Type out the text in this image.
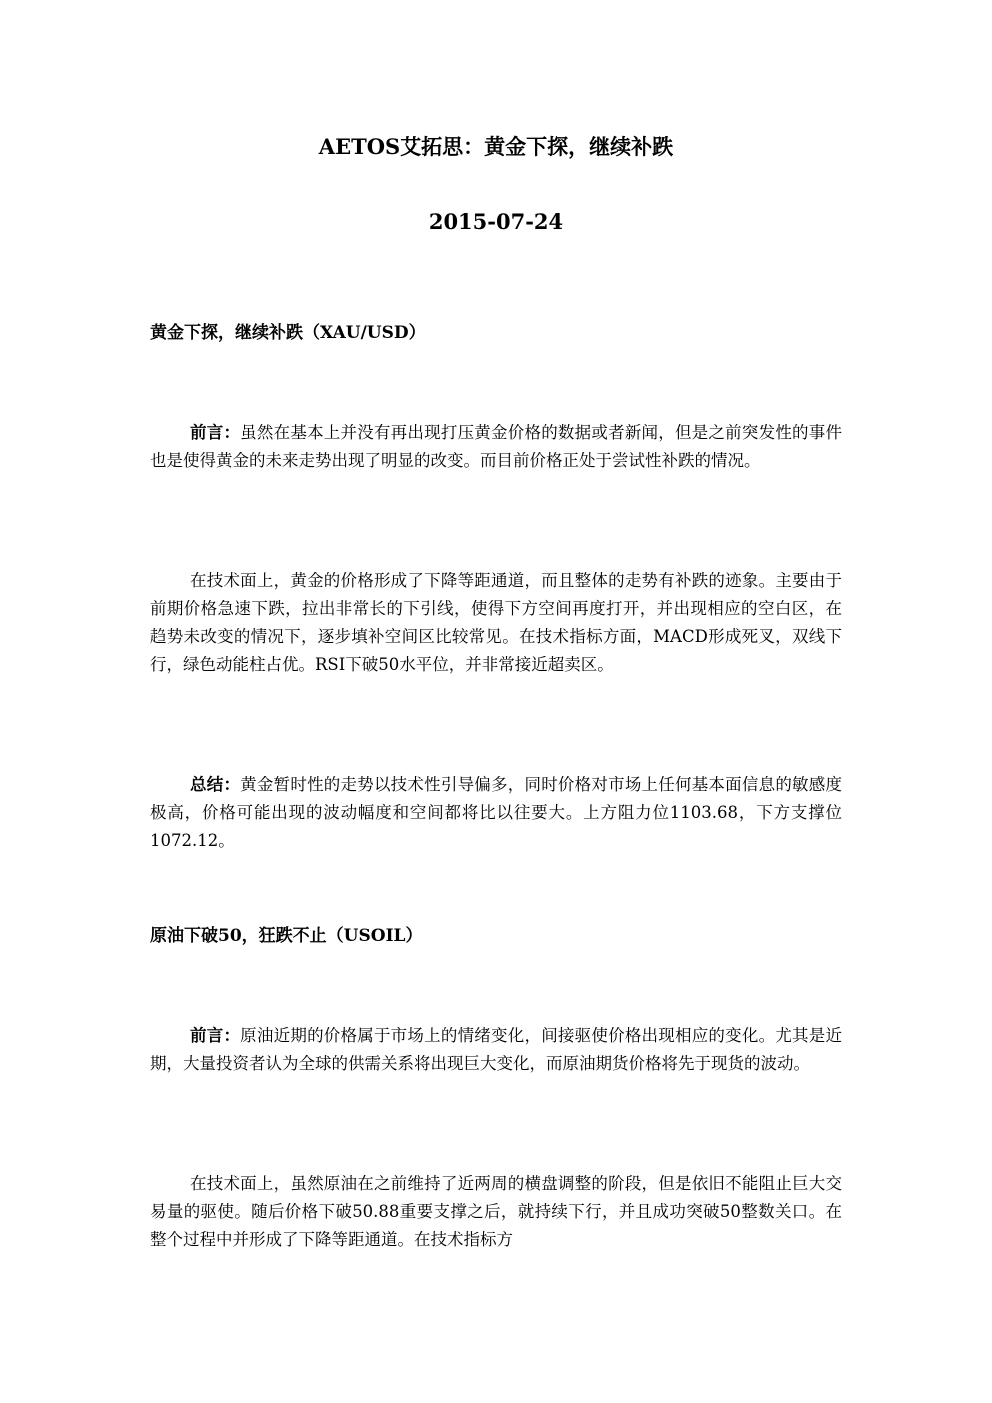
AETOS艾拓思：黄金下探，继续补跌
2015-07-24
黄金下探，继续补跌（XAU/USD）

前言：虽然在基本上并没有再出现打压黄金价格的数据或者新闻，但是之前突发性的事件也是使得黄金的未来走势出现了明显的改变。而目前价格正处于尝试性补跌的情况。

在技术面上，黄金的价格形成了下降等距通道，而且整体的走势有补跌的迹象。主要由于前期价格急速下跌，拉出非常长的下引线，使得下方空间再度打开，并出现相应的空白区，在趋势未改变的情况下，逐步填补空间区比较常见。在技术指标方面，MACD形成死叉，双线下行，绿色动能柱占优。RSI下破50水平位，并非常接近超卖区。

总结：黄金暂时性的走势以技术性引导偏多，同时价格对市场上任何基本面信息的敏感度极高，价格可能出现的波动幅度和空间都将比以往要大。上方阻力位1103.68，下方支撑位1072.12。

原油下破50，狂跌不止（USOIL）

前言：原油近期的价格属于市场上的情绪变化，间接驱使价格出现相应的变化。尤其是近期，大量投资者认为全球的供需关系将出现巨大变化，而原油期货价格将先于现货的波动。

在技术面上，虽然原油在之前维持了近两周的横盘调整的阶段，但是依旧不能阻止巨大交易量的驱使。随后价格下破50.88重要支撑之后，就持续下行，并且成功突破50整数关口。在整个过程中并形成了下降等距通道。在技术指标方
